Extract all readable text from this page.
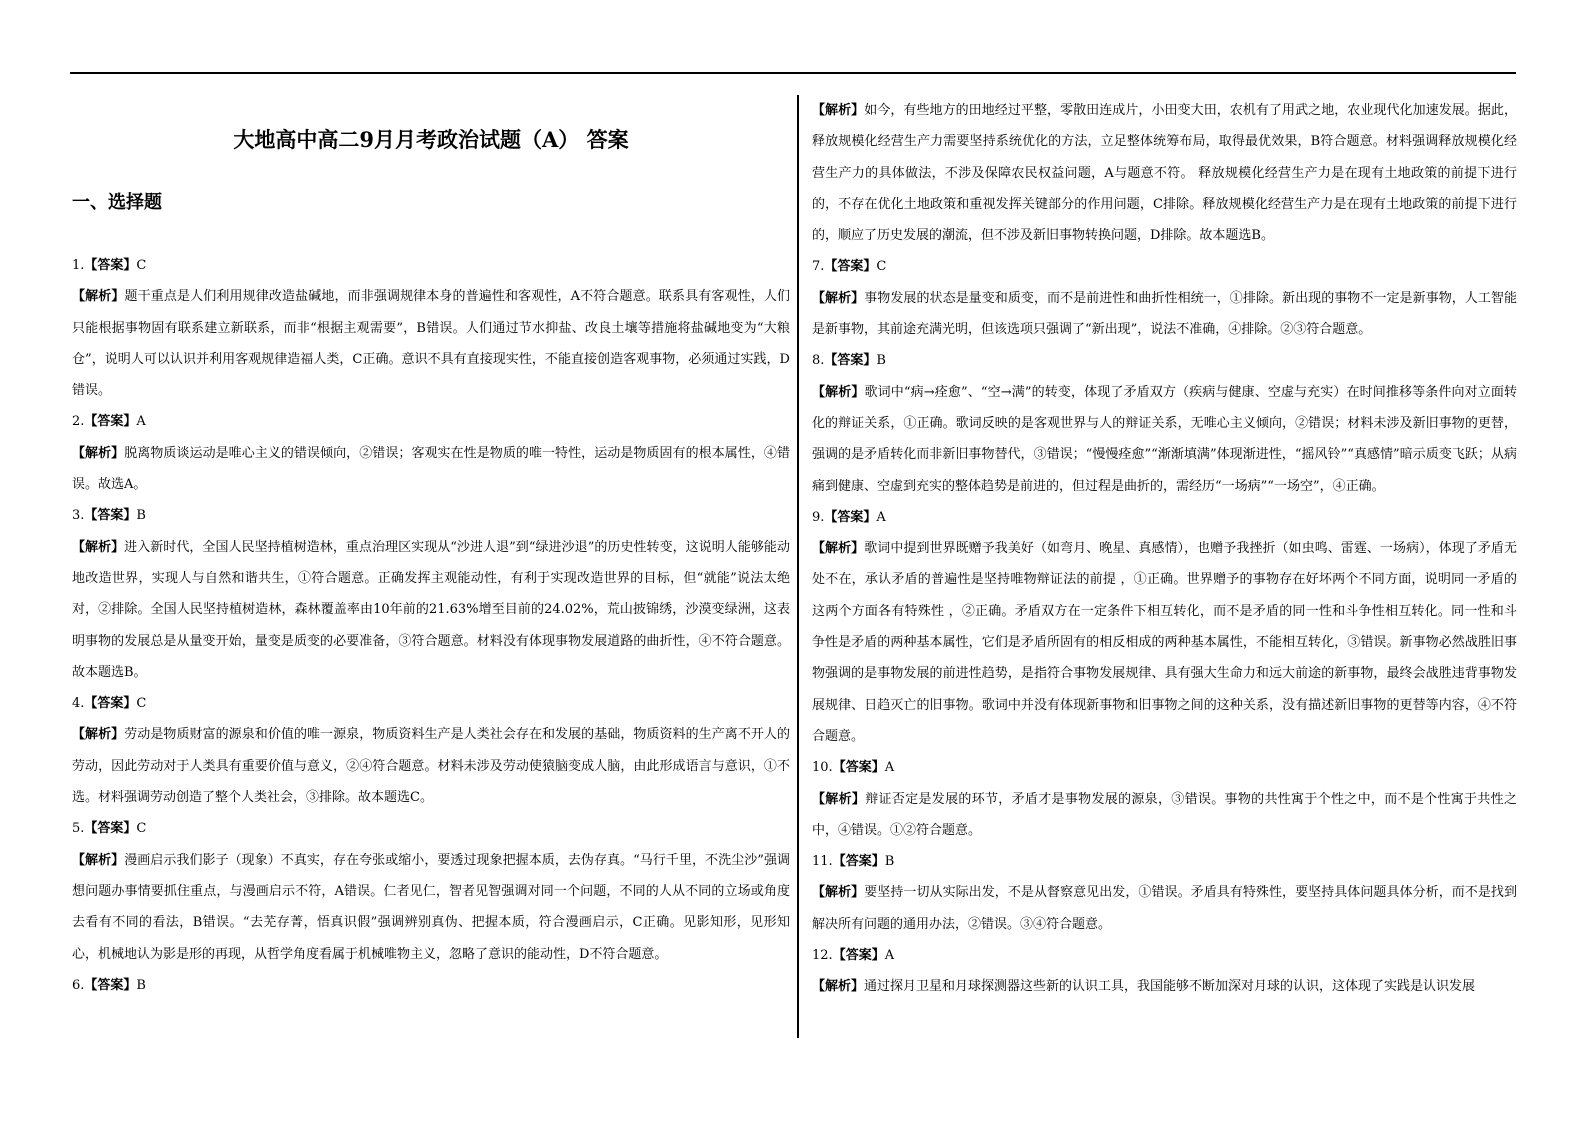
大地高中高二9月月考政治试题（A） 答案
一、选择题
1.【答案】C

【解析】题干重点是人们利用规律改造盐碱地，而非强调规律本身的普遍性和客观性，A不符合题意。联系具有客观性，人们只能根据事物固有联系建立新联系，而非“根据主观需要”，B错误。人们通过节水抑盐、改良土壤等措施将盐碱地变为“大粮仓”，说明人可以认识并利用客观规律造福人类，C正确。意识不具有直接现实性，不能直接创造客观事物，必须通过实践，D错误。

2.【答案】A

【解析】脱离物质谈运动是唯心主义的错误倾向，②错误；客观实在性是物质的唯一特性，运动是物质固有的根本属性，④错误。故选A。

3.【答案】B

【解析】进入新时代，全国人民坚持植树造林，重点治理区实现从“沙进人退”到“绿进沙退”的历史性转变，这说明人能够能动地改造世界，实现人与自然和谐共生，①符合题意。正确发挥主观能动性，有利于实现改造世界的目标，但“就能”说法太绝对，②排除。全国人民坚持植树造林，森林覆盖率由10年前的21.63%增至目前的24.02%，荒山披锦绣，沙漠变绿洲，这表明事物的发展总是从量变开始，量变是质变的必要准备，③符合题意。材料没有体现事物发展道路的曲折性，④不符合题意。故本题选B。

4.【答案】C

【解析】劳动是物质财富的源泉和价值的唯一源泉，物质资料生产是人类社会存在和发展的基础，物质资料的生产离不开人的劳动，因此劳动对于人类具有重要价值与意义，②④符合题意。材料未涉及劳动使猿脑变成人脑，由此形成语言与意识，①不选。材料强调劳动创造了整个人类社会，③排除。故本题选C。

5.【答案】C

【解析】漫画启示我们影子（现象）不真实，存在夸张或缩小，要透过现象把握本质，去伪存真。“马行千里，不洗尘沙”强调想问题办事情要抓住重点，与漫画启示不符，A错误。仁者见仁，智者见智强调对同一个问题，不同的人从不同的立场或角度去看有不同的看法，B错误。“去芜存菁，悟真识假”强调辨别真伪、把握本质，符合漫画启示，C正确。见影知形，见形知心，机械地认为影是形的再现，从哲学角度看属于机械唯物主义，忽略了意识的能动性，D不符合题意。

6.【答案】B

【解析】如今，有些地方的田地经过平整，零散田连成片，小田变大田，农机有了用武之地，农业现代化加速发展。据此，释放规模化经营生产力需要坚持系统优化的方法，立足整体统筹布局，取得最优效果，B符合题意。材料强调释放规模化经营生产力的具体做法，不涉及保障农民权益问题，A与题意不符。 释放规模化经营生产力是在现有土地政策的前提下进行的，不存在优化土地政策和重视发挥关键部分的作用问题，C排除。释放规模化经营生产力是在现有土地政策的前提下进行的，顺应了历史发展的潮流，但不涉及新旧事物转换问题，D排除。故本题选B。

7.【答案】C

【解析】事物发展的状态是量变和质变，而不是前进性和曲折性相统一，①排除。新出现的事物不一定是新事物，人工智能是新事物，其前途充满光明，但该选项只强调了“新出现”，说法不准确，④排除。②③符合题意。

8.【答案】B

【解析】歌词中“病→痊愈”、“空→满”的转变，体现了矛盾双方（疾病与健康、空虚与充实）在时间推移等条件向对立面转化的辩证关系，①正确。歌词反映的是客观世界与人的辩证关系，无唯心主义倾向，②错误；材料未涉及新旧事物的更替，强调的是矛盾转化而非新旧事物替代，③错误；“慢慢痊愈”“渐渐填满”体现渐进性，“摇风铃”“真感情”暗示质变飞跃；从病痛到健康、空虚到充实的整体趋势是前进的，但过程是曲折的，需经历“一场病”“一场空”，④正确。

9.【答案】A

【解析】歌词中提到世界既赠予我美好（如弯月、晚星、真感情），也赠予我挫折（如虫鸣、雷霆、一场病），体现了矛盾无处不在，承认矛盾的普遍性是坚持唯物辩证法的前提 ，①正确。世界赠予的事物存在好坏两个不同方面，说明同一矛盾的这两个方面各有特殊性 ，②正确。矛盾双方在一定条件下相互转化，而不是矛盾的同一性和斗争性相互转化。同一性和斗争性是矛盾的两种基本属性，它们是矛盾所固有的相反相成的两种基本属性，不能相互转化，③错误。新事物必然战胜旧事物强调的是事物发展的前进性趋势，是指符合事物发展规律、具有强大生命力和远大前途的新事物，最终会战胜违背事物发展规律、日趋灭亡的旧事物。歌词中并没有体现新事物和旧事物之间的这种关系，没有描述新旧事物的更替等内容，④不符合题意。

10.【答案】A

【解析】辩证否定是发展的环节，矛盾才是事物发展的源泉，③错误。事物的共性寓于个性之中，而不是个性寓于共性之中，④错误。①②符合题意。

11.【答案】B

【解析】要坚持一切从实际出发，不是从督察意见出发，①错误。矛盾具有特殊性，要坚持具体问题具体分析，而不是找到解决所有问题的通用办法，②错误。③④符合题意。

12.【答案】A

【解析】通过探月卫星和月球探测器这些新的认识工具，我国能够不断加深对月球的认识，这体现了实践是认识发展
